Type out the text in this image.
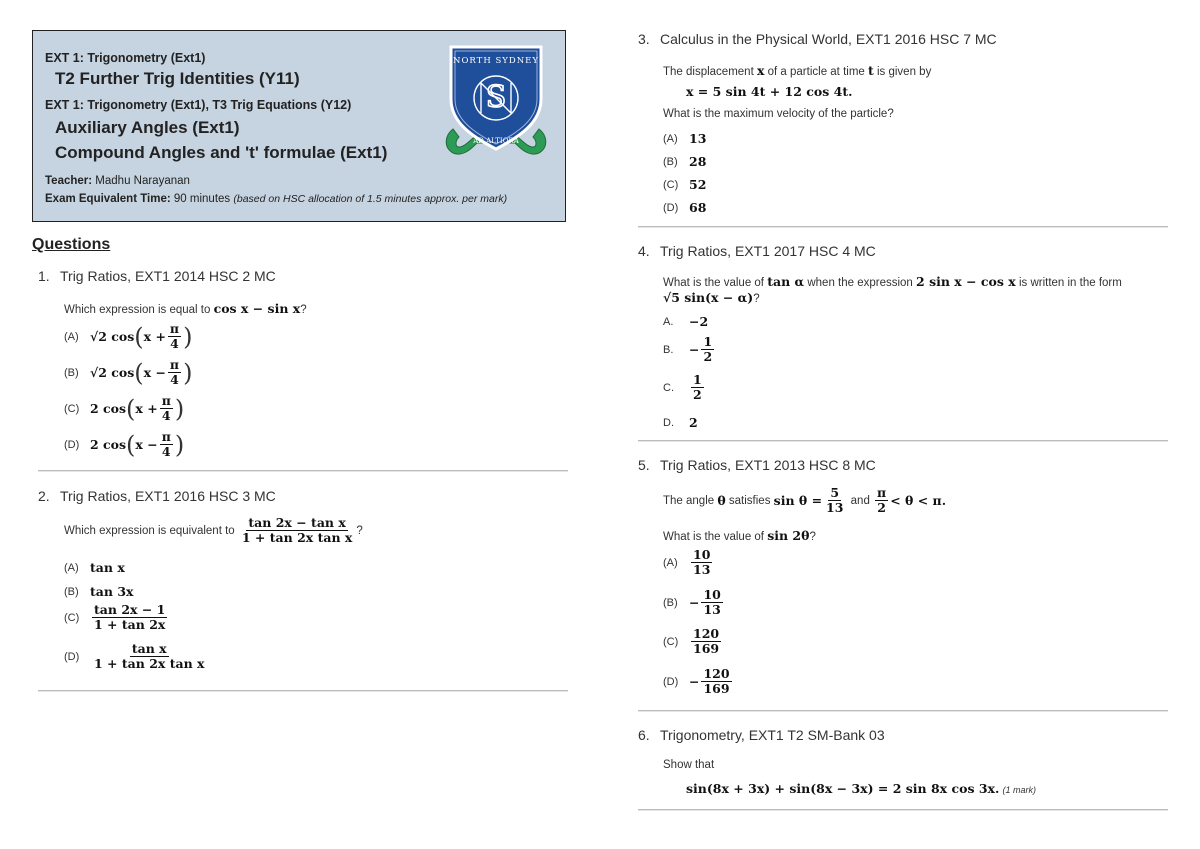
EXT 1: Trigonometry (Ext1)
T2 Further Trig Identities (Y11)
EXT 1: Trigonometry (Ext1), T3 Trig Equations (Y12)
Auxiliary Angles (Ext1)
Compound Angles and 't' formulae (Ext1)
Teacher: Madhu Narayanan
Exam Equivalent Time: 90 minutes (based on HSC allocation of 1.5 minutes approx. per mark)
NORTH SYDNEY
S
AD ALTIORA
Questions
1. Trig Ratios, EXT1 2014 HSC 2 MC
Which expression is equal to cos x − sin x?
(A) √2 cos ( $x + \frac{\pi}{4}$ )
(B) √2 cos ( $x - \frac{\pi}{4}$ )
(C) 2 cos ( $x + \frac{\pi}{4}$ )
(D) 2 cos ( $x - \frac{\pi}{4}$ )
2. Trig Ratios, EXT1 2016 HSC 3 MC
Which expression is equivalent to
$\frac{\text{tan 2x − tan x}}{\text{1 + tan 2x tan x}}$ ?
(A) tan x
(B) tan 3x
(C)	$\frac{\tan 2x - 1}{1 + \tan 2x}$
(D)	$\frac{\text{tan x}}{\text{1 + tan 2x tan x}}$
3. Calculus in the Physical World, EXT1 2016 HSC 7 MC
The displacement x of a particle at time t is given by
x = 5 sin 4t + 12 cos 4t.
What is the maximum velocity of the particle?
(A) 13
(B) 28
(C) 52
(D) 68
4. Trig Ratios, EXT1 2017 HSC 4 MC
What is the value of tan α when the expression 2 sin x − cos x is written in the form
√5 sin(x − α)?
A.	−2
B.	− $\frac{1}{2}$
C.	$\frac{1}{2}$
D.	2
5. Trig Ratios, EXT1 2013 HSC 8 MC
The angle
θ
satisfies
$\sin \theta = \frac{5}{13}$
and
$\frac{\pi}{2} < \theta < \pi$.
What is the value of sin 2θ?
(A)	$\frac{10}{13}$
$(B) - \frac{10}{13}$
(C)	$\frac{120}{169}$
$(D) - \frac{120}{169}$
6. Trigonometry, EXT1 T2 SM-Bank 03
Show that
sin(8x + 3x) + sin(8x − 3x) = 2 sin 8x cos 3x. (1 mark)
